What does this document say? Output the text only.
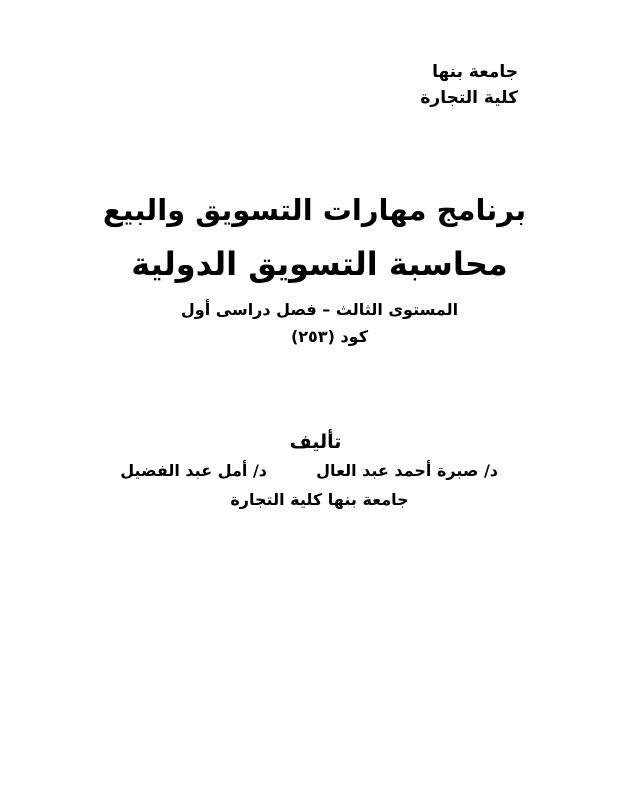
جامعة بنها
كلية التجارة
برنامج مهارات التسويق والبيع
محاسبة التسويق الدولية
المستوى الثالث – فصل دراسى أول
كود (٢٥٣)
تأليف
د/ صبرة أحمد عبد العال
د/ أمل عبد الفضيل
جامعة بنها كلية التجارة
